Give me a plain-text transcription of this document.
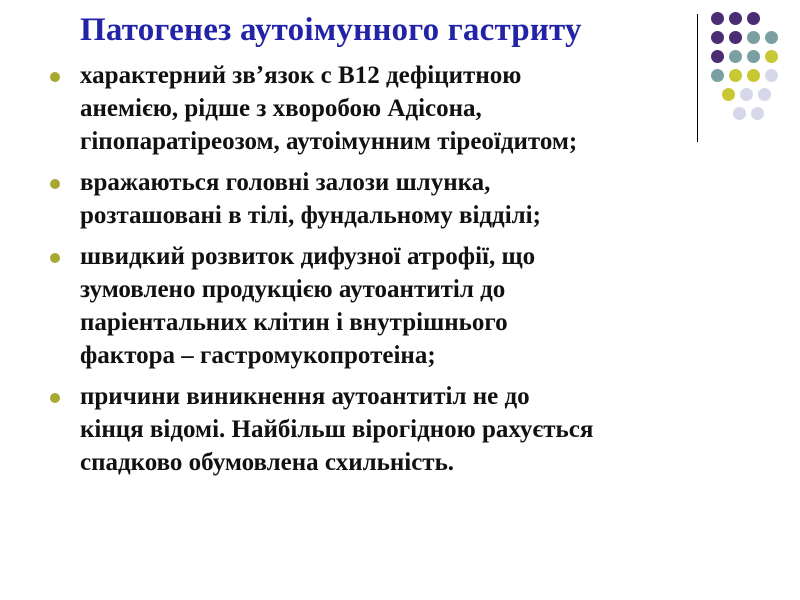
Патогенез аутоімунного гастриту
характерний звʼязок с В12 дефіцитною
анемією, рідше з хворобою Адісона,
гіпопаратіреозом, аутоімунним тіреоїдитом;
вражаються головні залози шлунка,
розташовані в тілі, фундальному відділі;
швидкий розвиток дифузної атрофії, що
зумовлено продукцією аутоантитіл до
паріентальних клітин і внутрішнього
фактора – гастромукопротеіна;
причини виникнення аутоантитіл не до
кінця відомі. Найбільш вірогідною рахується
спадково обумовлена схильність.
